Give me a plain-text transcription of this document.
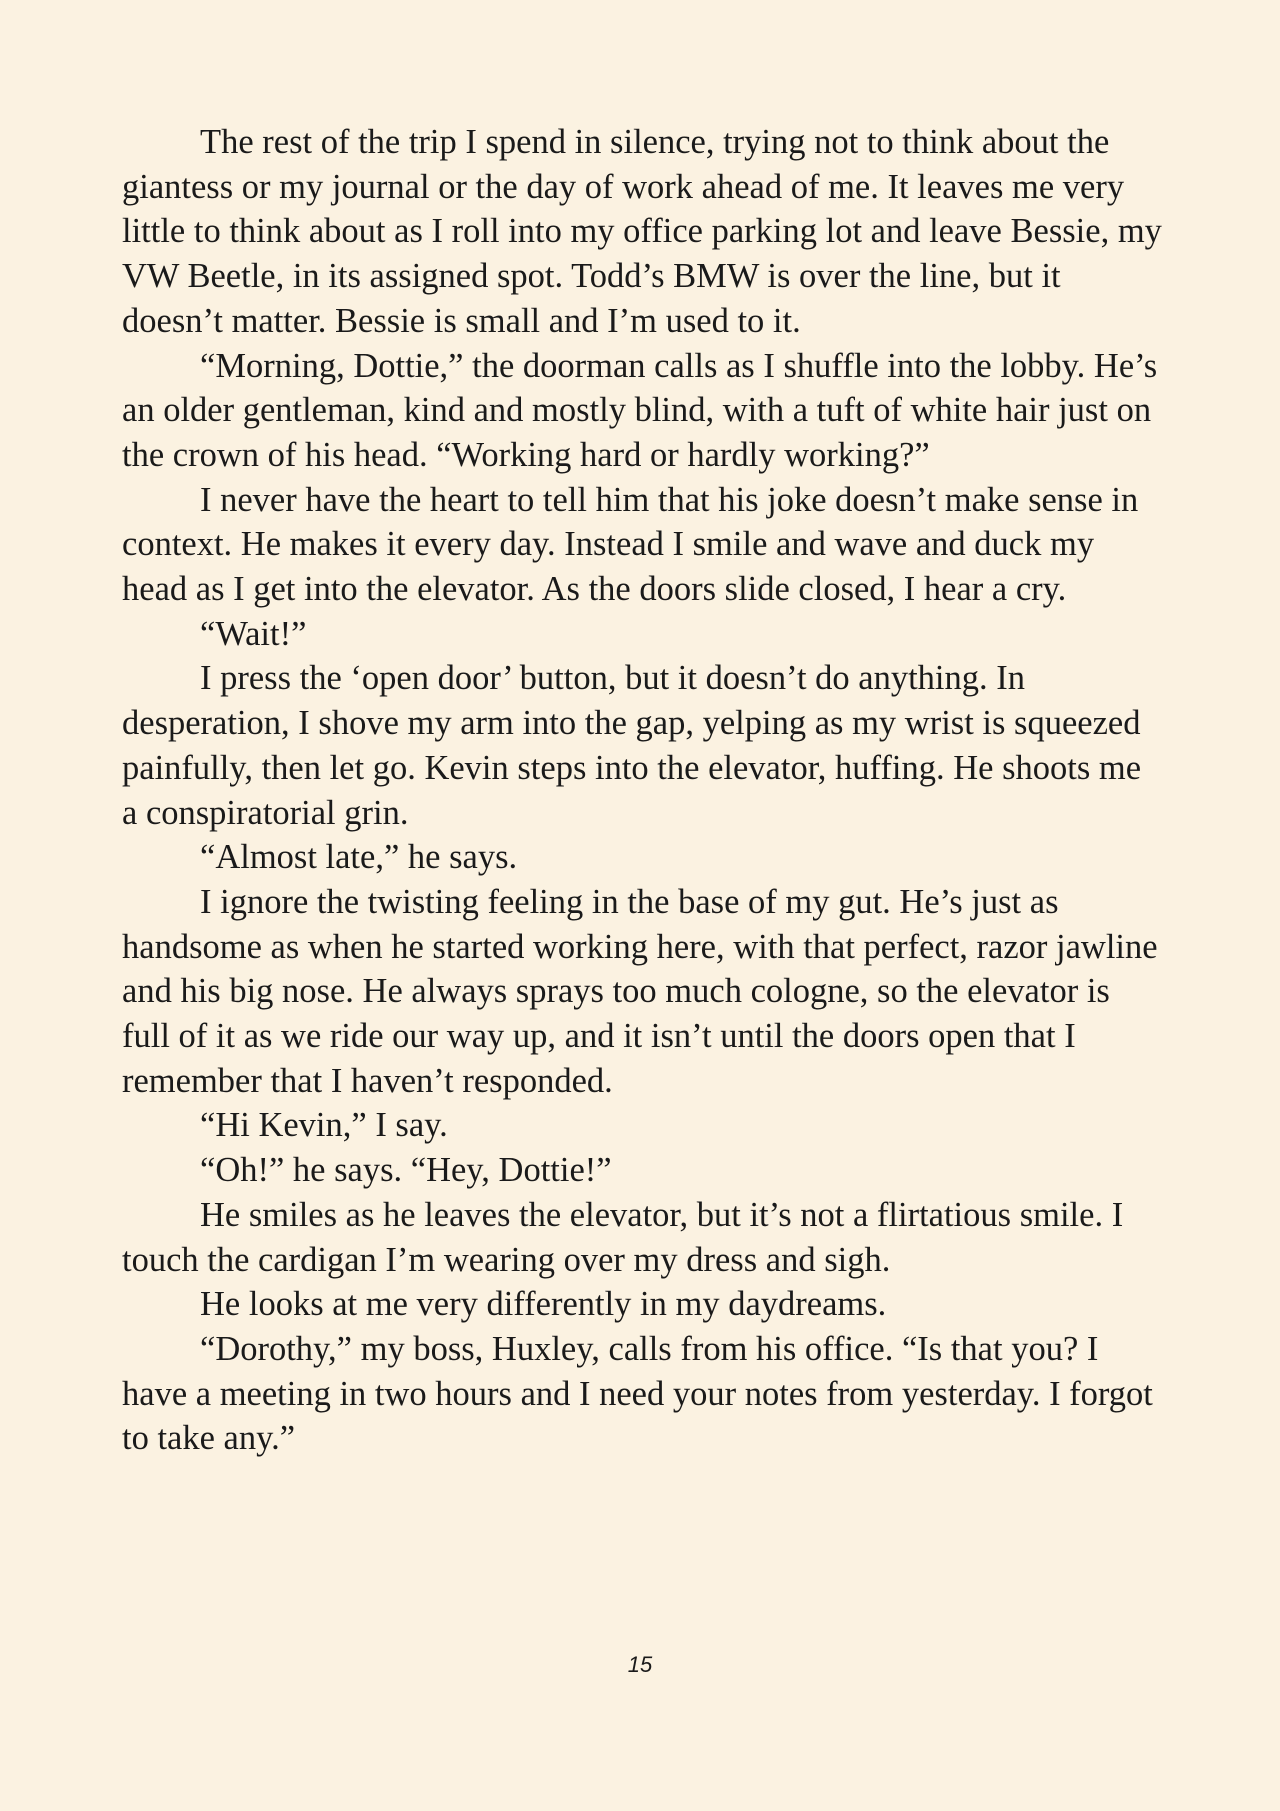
The rest of the trip I spend in silence, trying not to think about the giantess or my journal or the day of work ahead of me. It leaves me very little to think about as I roll into my office parking lot and leave Bessie, my VW Beetle, in its assigned spot. Todd’s BMW is over the line, but it doesn’t matter. Bessie is small and I’m used to it.

“Morning, Dottie,” the doorman calls as I shuffle into the lobby. He’s an older gentleman, kind and mostly blind, with a tuft of white hair just on the crown of his head. “Working hard or hardly working?”

I never have the heart to tell him that his joke doesn’t make sense in context. He makes it every day. Instead I smile and wave and duck my head as I get into the elevator. As the doors slide closed, I hear a cry.

“Wait!”

I press the ‘open door’ button, but it doesn’t do anything. In desperation, I shove my arm into the gap, yelping as my wrist is squeezed painfully, then let go. Kevin steps into the elevator, huffing. He shoots me a conspiratorial grin.

“Almost late,” he says.

I ignore the twisting feeling in the base of my gut. He’s just as handsome as when he started working here, with that perfect, razor jawline and his big nose. He always sprays too much cologne, so the elevator is full of it as we ride our way up, and it isn’t until the doors open that I remember that I haven’t responded.

“Hi Kevin,” I say.

“Oh!” he says. “Hey, Dottie!”

He smiles as he leaves the elevator, but it’s not a flirtatious smile. I touch the cardigan I’m wearing over my dress and sigh.

He looks at me very differently in my daydreams.

“Dorothy,” my boss, Huxley, calls from his office. “Is that you? I have a meeting in two hours and I need your notes from yesterday. I forgot to take any.”

15
